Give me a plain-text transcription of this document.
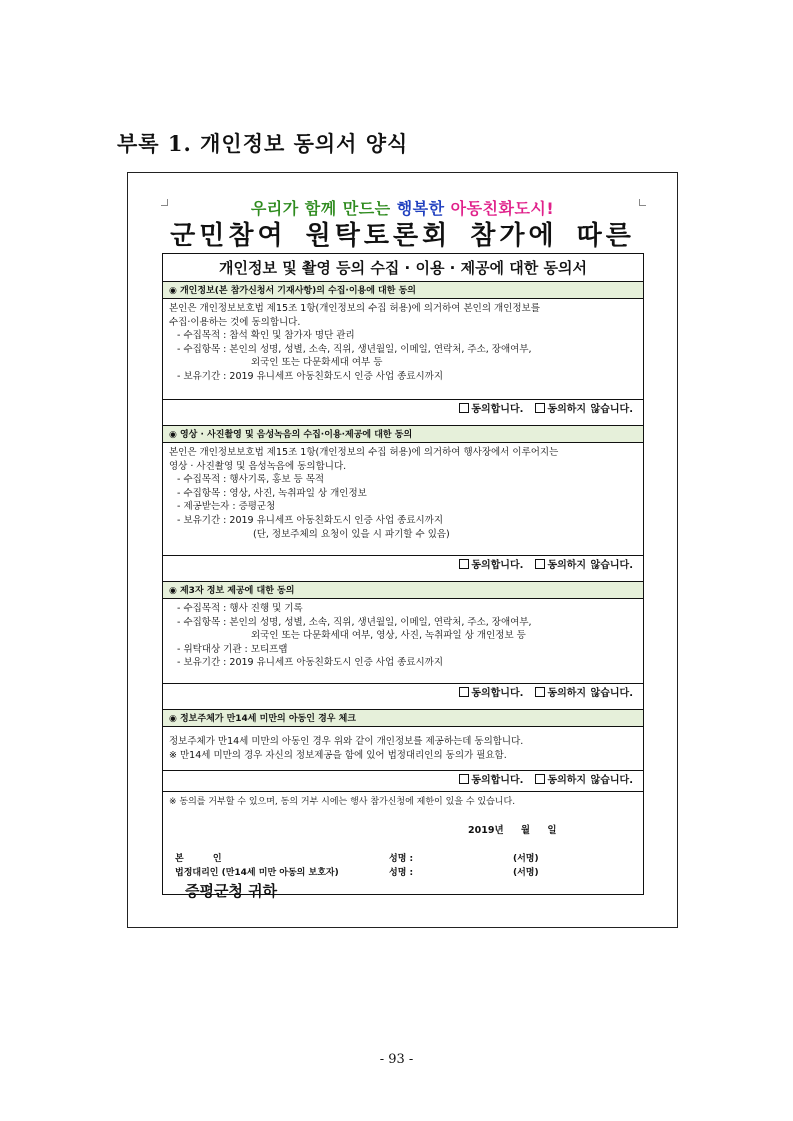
부록 1. 개인정보 동의서 양식
우리가 함께 만드는 행복한 아동친화도시!
군민참여 원탁토론회 참가에 따른
개인정보 및 촬영 등의 수집 · 이용 · 제공에 대한 동의서
◉ 개인정보(본 참가신청서 기재사항)의 수집·이용에 대한 동의
본인은 개인정보보호법 제15조 1항(개인정보의 수집 허용)에 의거하여 본인의 개인정보를
수집·이용하는 것에 동의합니다.
- 수집목적 : 참석 확인 및 참가자 명단 관리
- 수집항목 : 본인의 성명, 성별, 소속, 직위, 생년월일, 이메일, 연락처, 주소, 장애여부,
외국인 또는 다문화세대 여부 등
- 보유기간 : 2019 유니세프 아동친화도시 인증 사업 종료시까지
동의합니다. 동의하지 않습니다.
◉ 영상 · 사진촬영 및 음성녹음의 수집·이용·제공에 대한 동의
본인은 개인정보보호법 제15조 1항(개인정보의 수집 허용)에 의거하여 행사장에서 이루어지는
영상 · 사진촬영 및 음성녹음에 동의합니다.
- 수집목적 : 행사기록, 홍보 등 목적
- 수집항목 : 영상, 사진, 녹취파일 상 개인정보
- 제공받는자 : 증평군청
- 보유기간 : 2019 유니세프 아동친화도시 인증 사업 종료시까지
(단, 정보주체의 요청이 있을 시 파기할 수 있음)
동의합니다. 동의하지 않습니다.
◉ 제3자 정보 제공에 대한 동의
- 수집목적 : 행사 진행 및 기록
- 수집항목 : 본인의 성명, 성별, 소속, 직위, 생년월일, 이메일, 연락처, 주소, 장애여부,
외국인 또는 다문화세대 여부, 영상, 사진, 녹취파일 상 개인정보 등
- 위탁대상 기관 : 모티프랩
- 보유기간 : 2019 유니세프 아동친화도시 인증 사업 종료시까지
동의합니다. 동의하지 않습니다.
◉ 정보주체가 만14세 미만의 아동인 경우 체크
정보주체가 만14세 미만의 아동인 경우 위와 같이 개인정보를 제공하는데 동의합니다.
※ 만14세 미만의 경우 자신의 정보제공을 함에 있어 법정대리인의 동의가 필요함.
동의합니다. 동의하지 않습니다.
※ 동의를 거부할 수 있으며, 동의 거부 시에는 행사 참가신청에 제한이 있을 수 있습니다.
2019년 월 일
본 인	성명 :	(서명)
법정대리인 (만14세 미만 아동의 보호자)	성명 :	(서명)
증평군청 귀하
- 93 -
